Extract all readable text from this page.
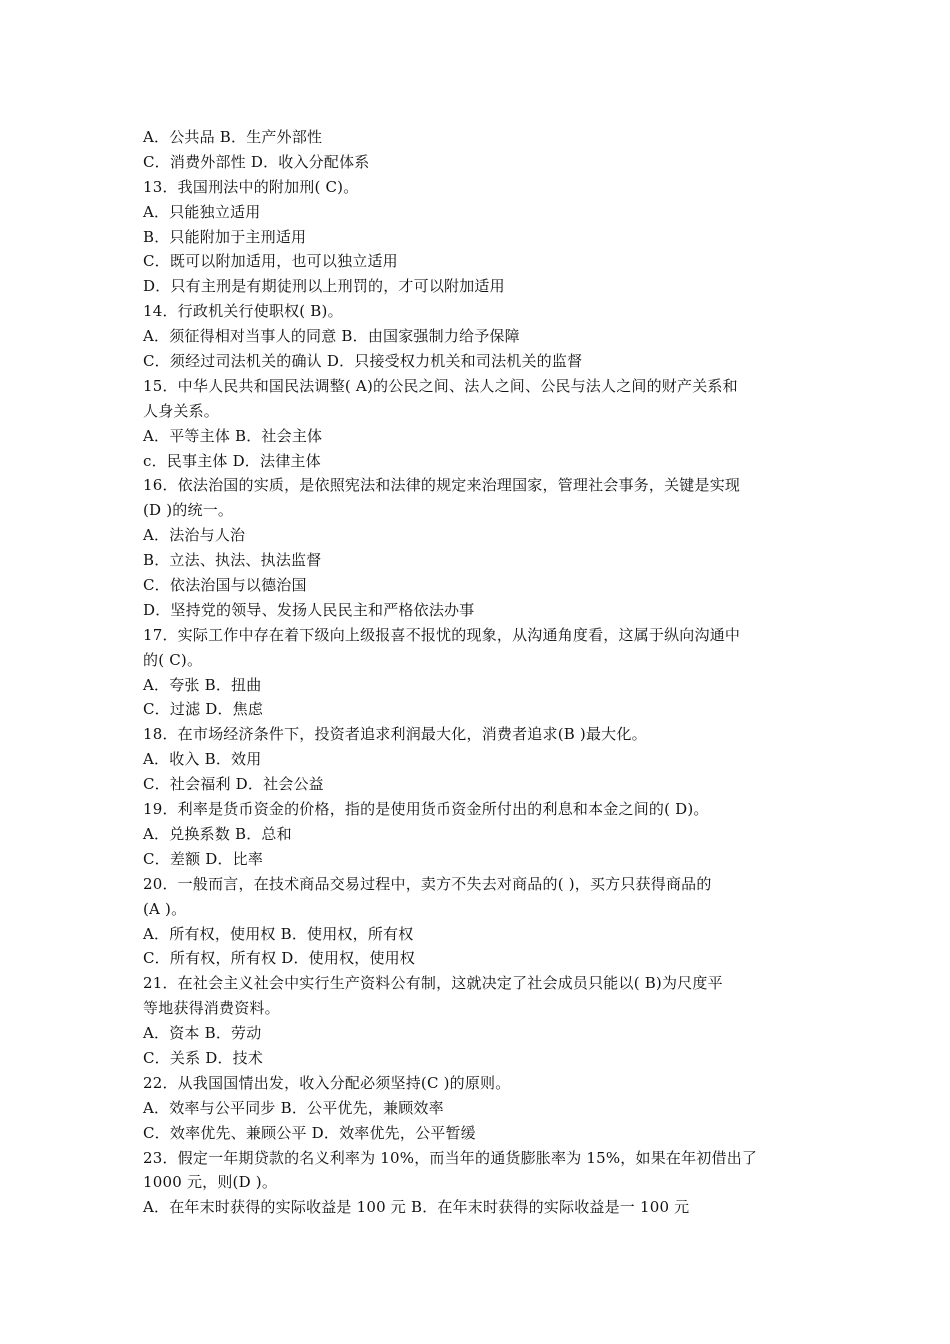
A．公共品 B．生产外部性
C．消费外部性 D．收入分配体系
13．我国刑法中的附加刑( C)。
A．只能独立适用
B．只能附加于主刑适用
C．既可以附加适用，也可以独立适用
D．只有主刑是有期徒刑以上刑罚的，才可以附加适用
14．行政机关行使职权( B)。
A．须征得相对当事人的同意 B．由国家强制力给予保障
C．须经过司法机关的确认 D．只接受权力机关和司法机关的监督
15．中华人民共和国民法调整( A)的公民之间、法人之间、公民与法人之间的财产关系和
人身关系。
A．平等主体 B．社会主体
c．民事主体 D．法律主体
16．依法治国的实质，是依照宪法和法律的规定来治理国家，管理社会事务，关键是实现
(D )的统一。
A．法治与人治
B．立法、执法、执法监督
C．依法治国与以德治国
D．坚持党的领导、发扬人民民主和严格依法办事
17．实际工作中存在着下级向上级报喜不报忧的现象，从沟通角度看，这属于纵向沟通中
的( C)。
A．夸张 B．扭曲
C．过滤 D．焦虑
18．在市场经济条件下，投资者追求利润最大化，消费者追求(B )最大化。
A．收入 B．效用
C．社会福利 D．社会公益
19．利率是货币资金的价格，指的是使用货币资金所付出的利息和本金之间的( D)。
A．兑换系数 B．总和
C．差额 D．比率
20．一般而言，在技术商品交易过程中，卖方不失去对商品的( )，买方只获得商品的
(A )。
A．所有权，使用权 B．使用权，所有权
C．所有权，所有权 D．使用权，使用权
21．在社会主义社会中实行生产资料公有制，这就决定了社会成员只能以( B)为尺度平
等地获得消费资料。
A．资本 B．劳动
C．关系 D．技术
22．从我国国情出发，收入分配必须坚持(C )的原则。
A．效率与公平同步 B．公平优先，兼顾效率
C．效率优先、兼顾公平 D．效率优先，公平暂缓
23．假定一年期贷款的名义利率为 10%，而当年的通货膨胀率为 15%，如果在年初借出了
1000 元，则(D )。
A．在年末时获得的实际收益是 100 元 B．在年末时获得的实际收益是一 100 元
